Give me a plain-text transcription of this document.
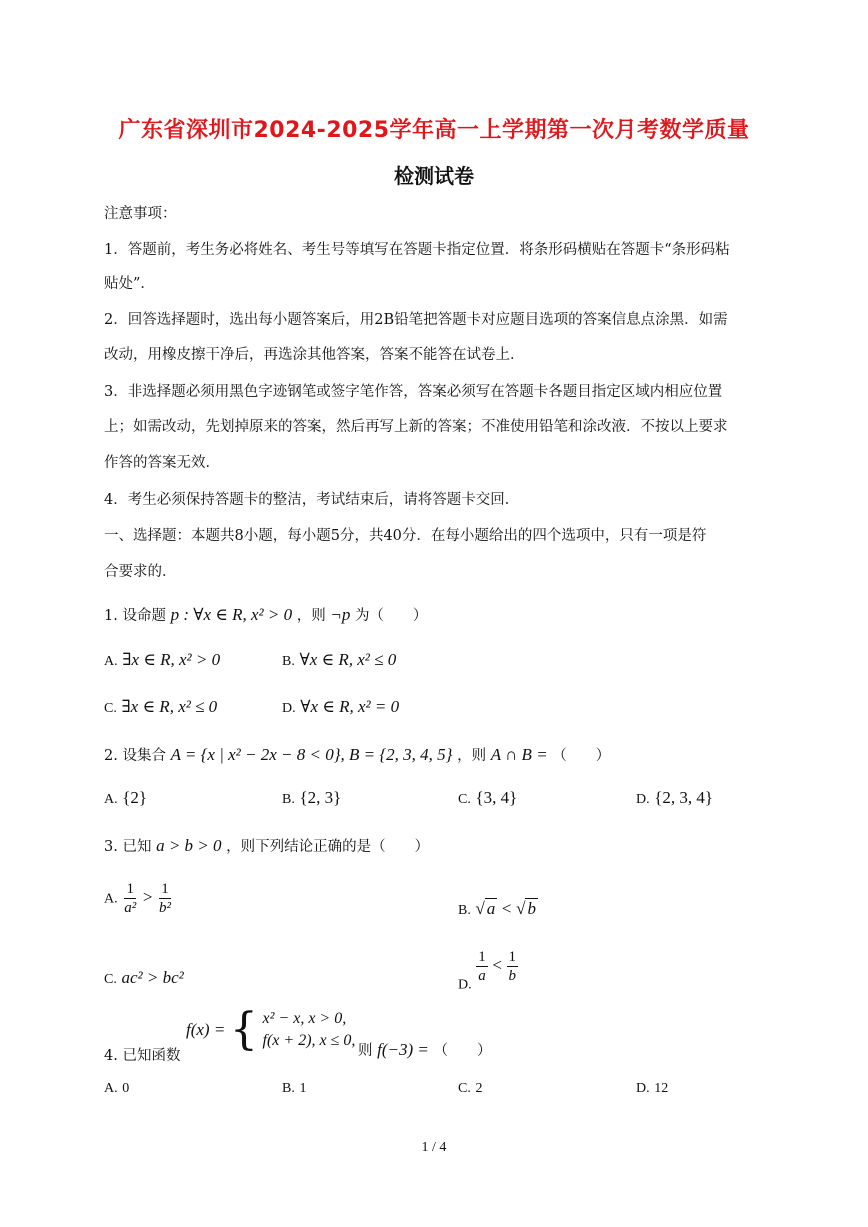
广东省深圳市2024-2025学年高一上学期第一次月考数学质量
检测试卷
注意事项：
1．答题前，考生务必将姓名、考生号等填写在答题卡指定位置．将条形码横贴在答题卡“条形码粘
贴处”．
2．回答选择题时，选出每小题答案后，用2B铅笔把答题卡对应题目选项的答案信息点涂黑．如需
改动，用橡皮擦干净后，再选涂其他答案，答案不能答在试卷上．
3．非选择题必须用黑色字迹钢笔或签字笔作答，答案必须写在答题卡各题目指定区域内相应位置
上；如需改动，先划掉原来的答案，然后再写上新的答案；不准使用铅笔和涂改液．不按以上要求
作答的答案无效．
4．考生必须保持答题卡的整洁，考试结束后，请将答题卡交回．
一、选择题：本题共8小题，每小题5分，共40分．在每小题给出的四个选项中，只有一项是符
合要求的．
1. 设命题 p : ∀x ∈ R, x² > 0 ，则 ¬p 为（　　）
A. ∃x ∈ R, x² > 0	B. ∀x ∈ R, x² ≤ 0
C. ∃x ∈ R, x² ≤ 0	D. ∀x ∈ R, x² = 0
2. 设集合 A = {x | x² − 2x − 8 < 0}, B = {2, 3, 4, 5} ，则 A ∩ B = （　　）
A. {2}	B. {2, 3}	C. {3, 4}	D. {2, 3, 4}
3. 已知 a > b > 0 ，则下列结论正确的是（　　）
A. $\frac{1}{\text{a²}} > \frac{1}{\text{b²}}$	B. √ a < √ b
C. ac² > bc²	D. $\frac{1}{a} < \frac{1}{b}$
4. 已知函数
f(x) = { x² − x, x > 0,
f(x + 2), x ≤ 0,
则 f(−3) = （　　）
A. 0	B. 1	C. 2	D. 12
1 / 4
